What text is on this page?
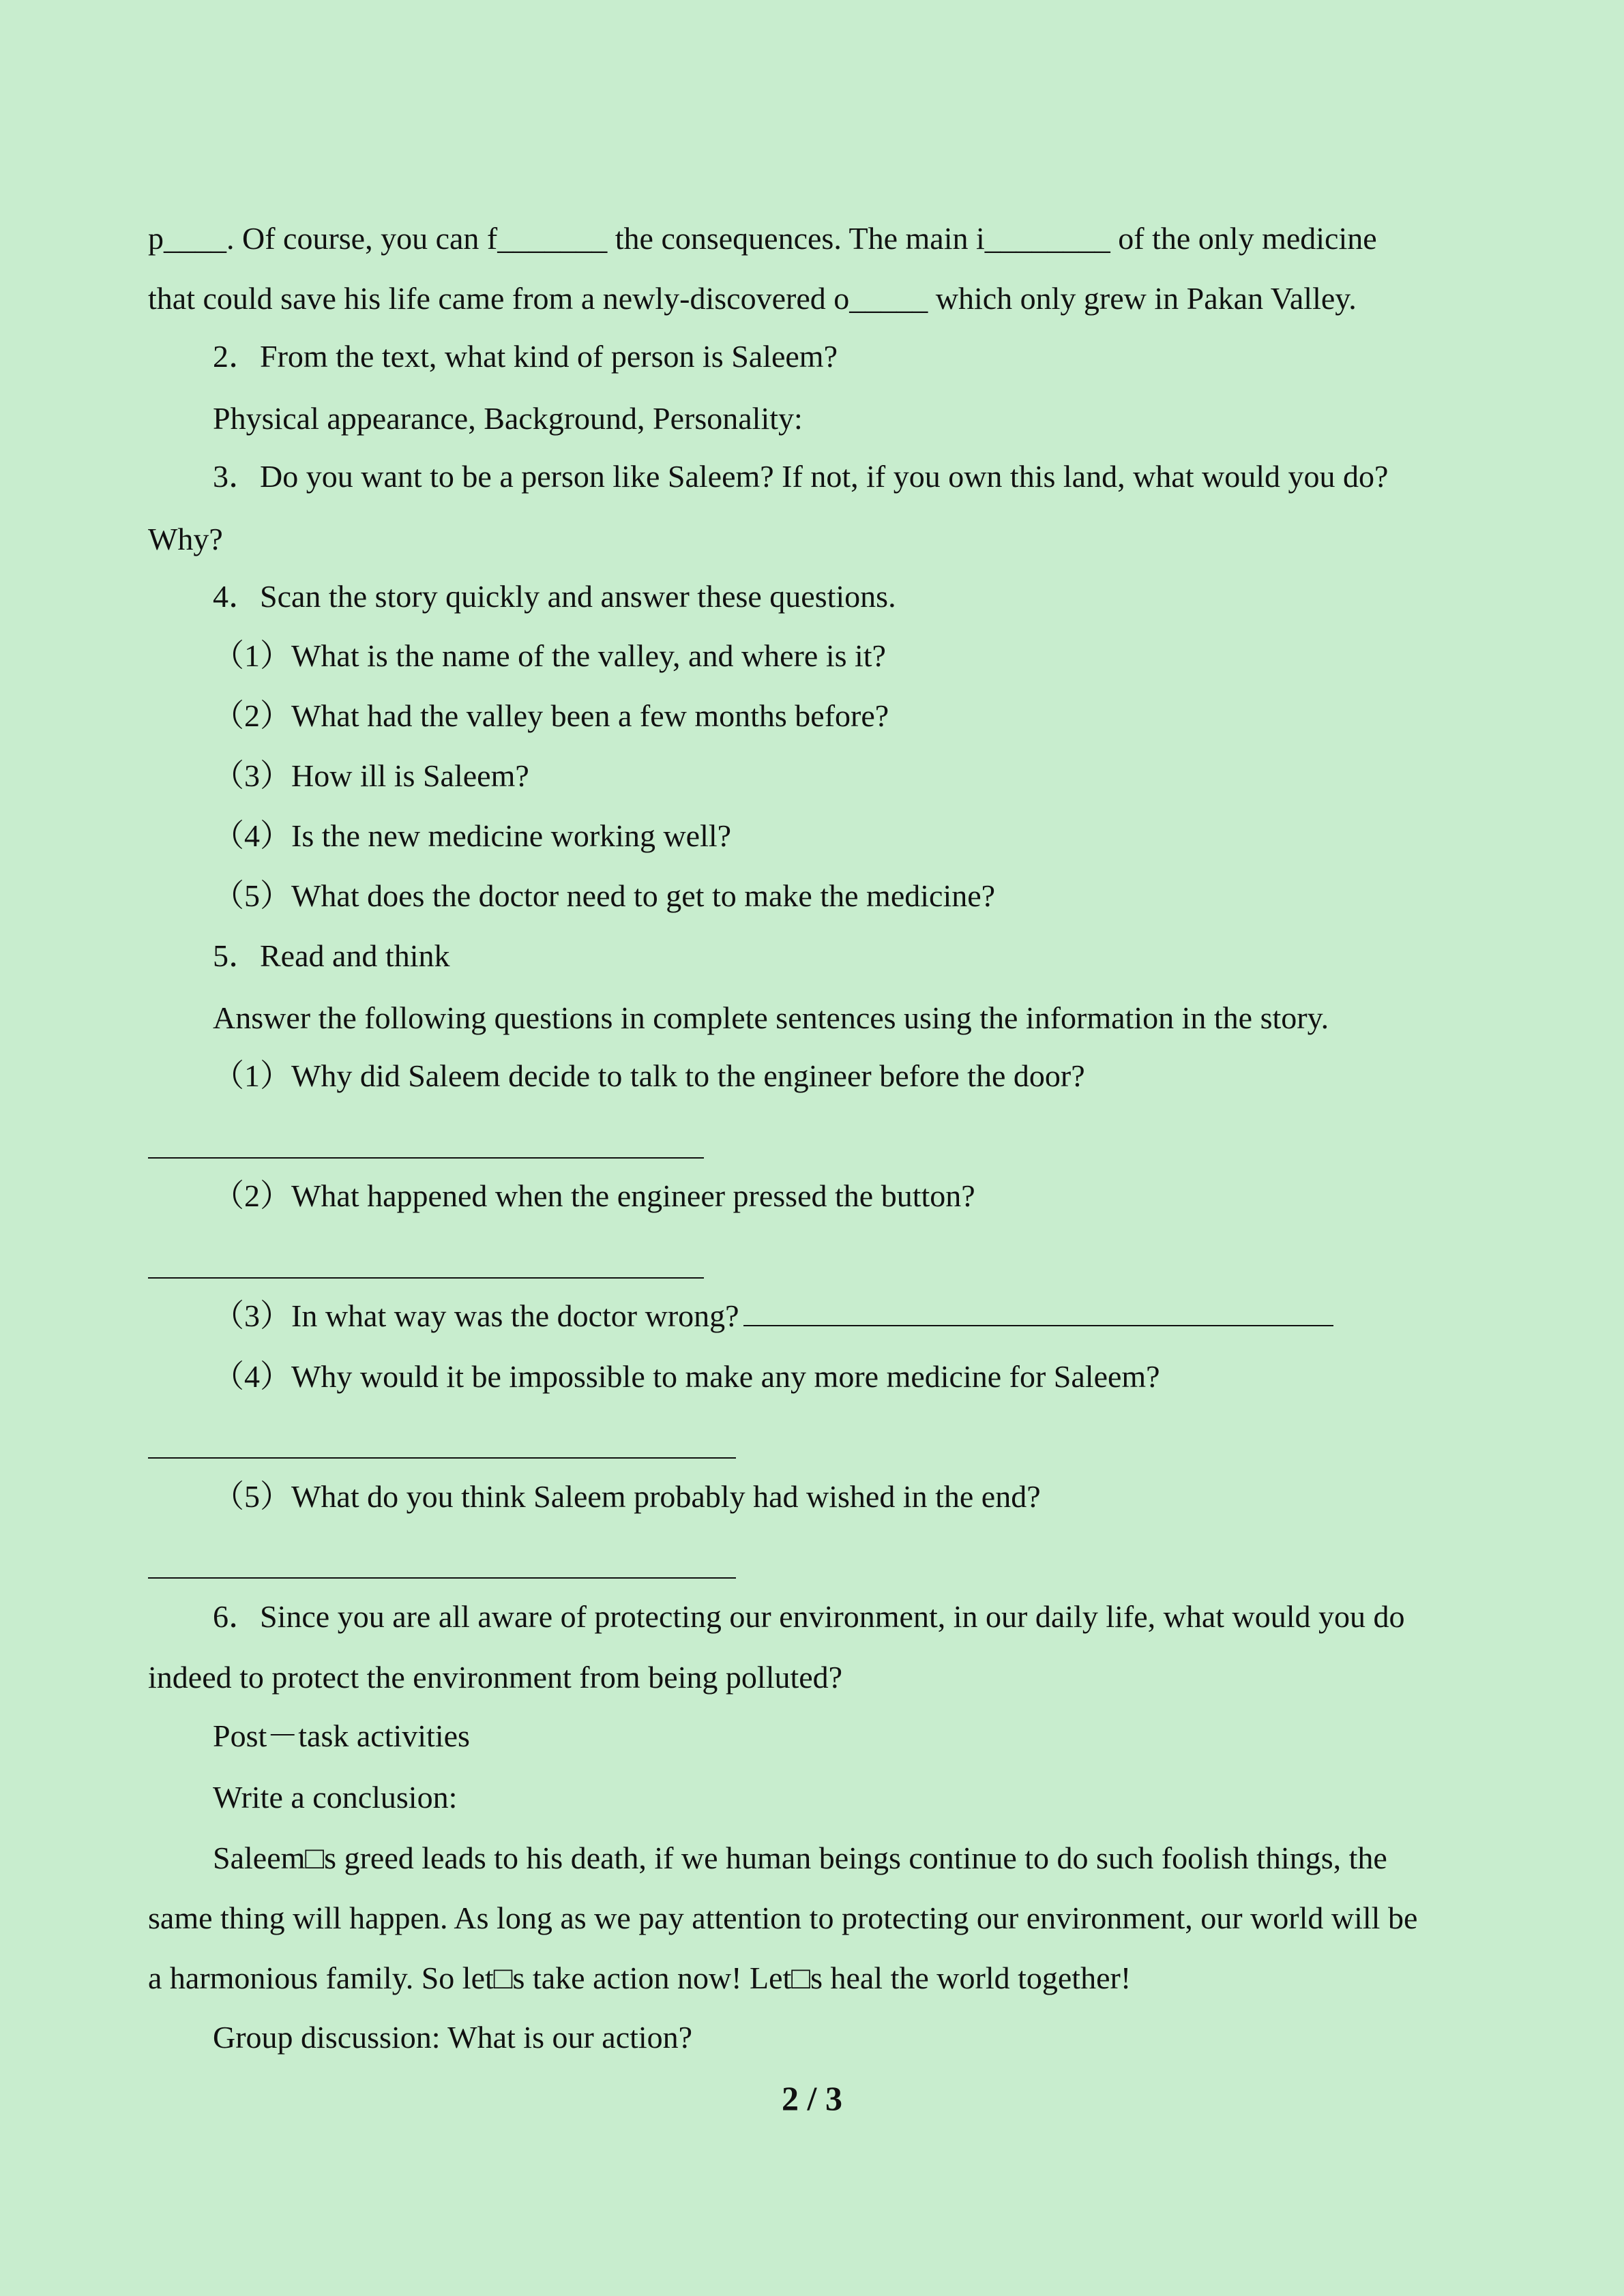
p____. Of course, you can f_______ the consequences. The main i________ of the only medicine

that could save his life came from a newly-discovered o_____ which only grew in Pakan Valley.

2．From the text, what kind of person is Saleem?

Physical appearance, Background, Personality:

3．Do you want to be a person like Saleem? If not, if you own this land, what would you do?

Why?

4．Scan the story quickly and answer these questions.

（1）What is the name of the valley, and where is it?

（2）What had the valley been a few months before?

（3）How ill is Saleem?

（4）Is the new medicine working well?

（5）What does the doctor need to get to make the medicine?

5．Read and think

Answer the following questions in complete sentences using the information in the story.

（1）Why did Saleem decide to talk to the engineer before the door?

（2）What happened when the engineer pressed the button?

（3）In what way was the doctor wrong?

（4）Why would it be impossible to make any more medicine for Saleem?

（5）What do you think Saleem probably had wished in the end?

6．Since you are all aware of protecting our environment, in our daily life, what would you do

indeed to protect the environment from being polluted?

Post－task activities

Write a conclusion:

Saleem□s greed leads to his death, if we human beings continue to do such foolish things, the

same thing will happen. As long as we pay attention to protecting our environment, our world will be

a harmonious family. So let□s take action now! Let□s heal the world together!

Group discussion: What is our action?

2 / 3
